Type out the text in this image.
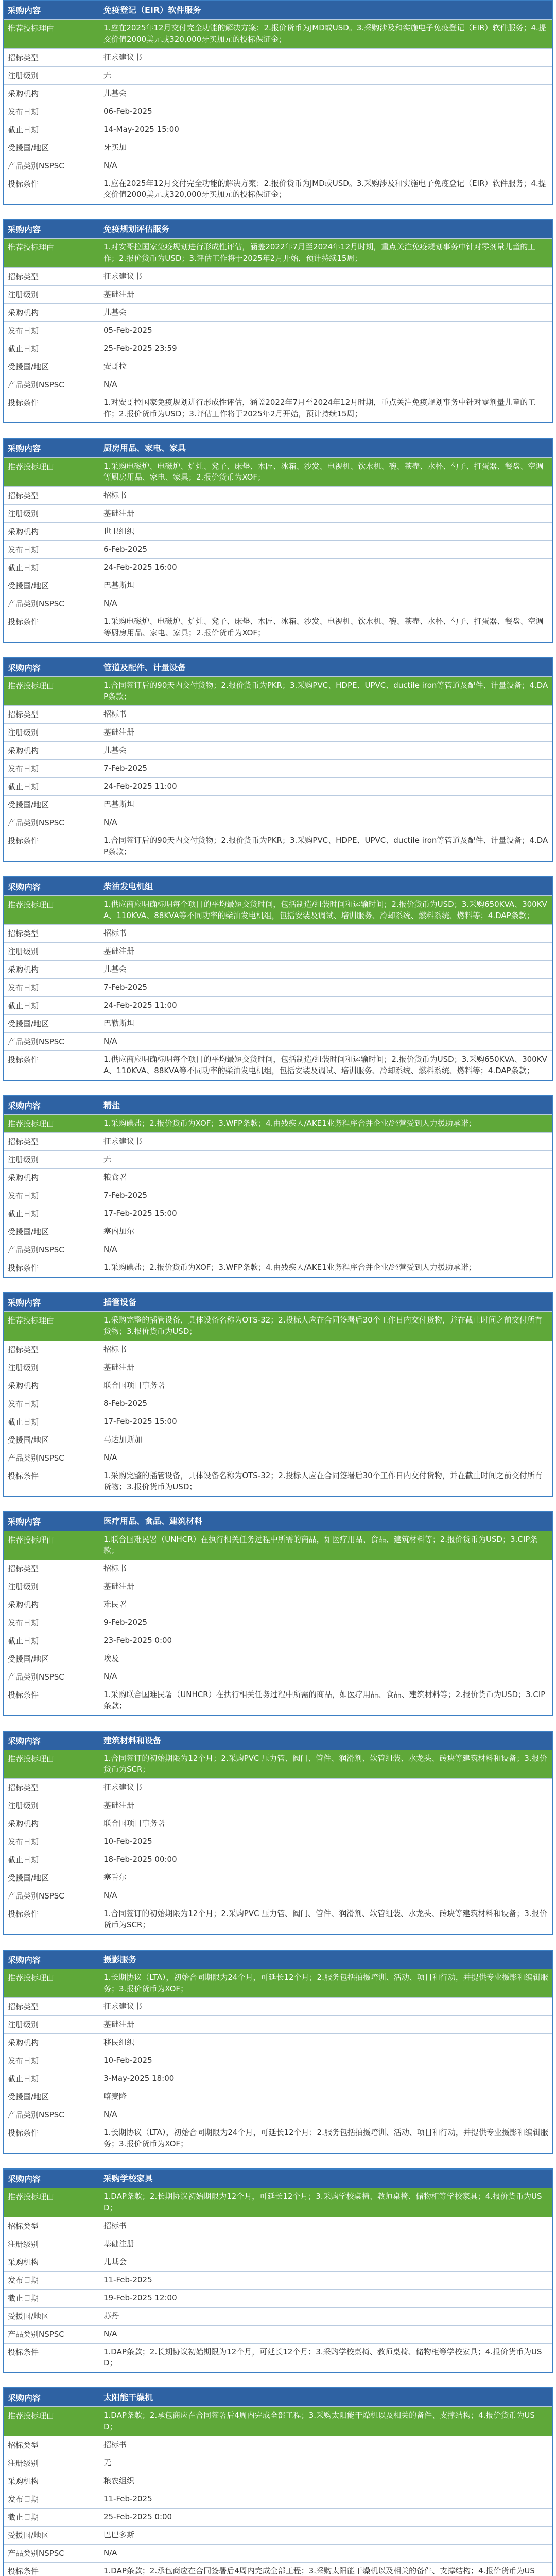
采购内容	免疫登记（EIR）软件服务
推荐投标理由	1.应在2025年12月交付完全功能的解决方案；2.报价货币为JMD或USD。3.采购涉及和实施电子免疫登记（EIR）软件服务；4.提交价值2000美元或320,000牙买加元的投标保证金；
招标类型	征求建议书
注册级别	无
采购机构	儿基会
发布日期	06-Feb-2025
截止日期	14-May-2025 15:00
受援国/地区	牙买加
产品类别NSPSC	N/A
投标条件	1.应在2025年12月交付完全功能的解决方案；2.报价货币为JMD或USD。3.采购涉及和实施电子免疫登记（EIR）软件服务；4.提交价值2000美元或320,000牙买加元的投标保证金；
采购内容	免疫规划评估服务
推荐投标理由	1.对安哥拉国家免疫规划进行形成性评估，涵盖2022年7月至2024年12月时期，重点关注免疫规划事务中针对零剂量儿童的工作；2.报价货币为USD；3.评估工作将于2025年2月开始，预计持续15周；
招标类型	征求建议书
注册级别	基础注册
采购机构	儿基会
发布日期	05-Feb-2025
截止日期	25-Feb-2025 23:59
受援国/地区	安哥拉
产品类别NSPSC	N/A
投标条件	1.对安哥拉国家免疫规划进行形成性评估，涵盖2022年7月至2024年12月时期，重点关注免疫规划事务中针对零剂量儿童的工作；2.报价货币为USD；3.评估工作将于2025年2月开始，预计持续15周；
采购内容	厨房用品、家电、家具
推荐投标理由	1.采购电磁炉、电磁炉、炉灶、凳子、床垫、木匠、冰箱、沙发、电视机、饮水机、碗、茶壶、水杯、勺子、打蛋器、餐盘、空调等厨房用品、家电、家具；2.报价货币为XOF；
招标类型	招标书
注册级别	基础注册
采购机构	世卫组织
发布日期	6-Feb-2025
截止日期	24-Feb-2025 16:00
受援国/地区	巴基斯坦
产品类别NSPSC	N/A
投标条件	1.采购电磁炉、电磁炉、炉灶、凳子、床垫、木匠、冰箱、沙发、电视机、饮水机、碗、茶壶、水杯、勺子、打蛋器、餐盘、空调等厨房用品、家电、家具；2.报价货币为XOF；
采购内容	管道及配件、计量设备
推荐投标理由	1.合同签订后的90天内交付货物；2.报价货币为PKR；3.采购PVC、HDPE、UPVC、ductile iron等管道及配件、计量设备；4.DAP条款；
招标类型	招标书
注册级别	基础注册
采购机构	儿基会
发布日期	7-Feb-2025
截止日期	24-Feb-2025 11:00
受援国/地区	巴基斯坦
产品类别NSPSC	N/A
投标条件	1.合同签订后的90天内交付货物；2.报价货币为PKR；3.采购PVC、HDPE、UPVC、ductile iron等管道及配件、计量设备；4.DAP条款；
采购内容	柴油发电机组
推荐投标理由	1.供应商应明确标明每个项目的平均最短交货时间，包括制造/组装时间和运输时间；2.报价货币为USD；3.采购650KVA、300KVA、110KVA、88KVA等不同功率的柴油发电机组，包括安装及调试、培训服务、冷却系统、燃料系统、燃料等；4.DAP条款；
招标类型	招标书
注册级别	基础注册
采购机构	儿基会
发布日期	7-Feb-2025
截止日期	24-Feb-2025 11:00
受援国/地区	巴勒斯坦
产品类别NSPSC	N/A
投标条件	1.供应商应明确标明每个项目的平均最短交货时间，包括制造/组装时间和运输时间；2.报价货币为USD；3.采购650KVA、300KVA、110KVA、88KVA等不同功率的柴油发电机组，包括安装及调试、培训服务、冷却系统、燃料系统、燃料等；4.DAP条款；
采购内容	精盐
推荐投标理由	1.采购碘盐；2.报价货币为XOF；3.WFP条款；4.由残疾人/AKE1业务程序合并企业/经营受到人力援助承诺；
招标类型	征求建议书
注册级别	无
采购机构	粮食署
发布日期	7-Feb-2025
截止日期	17-Feb-2025 15:00
受援国/地区	塞内加尔
产品类别NSPSC	N/A
投标条件	1.采购碘盐；2.报价货币为XOF；3.WFP条款；4.由残疾人/AKE1业务程序合并企业/经营受到人力援助承诺；
采购内容	插管设备
推荐投标理由	1.采购完整的插管设备，具体设备名称为OTS-32；2.投标人应在合同签署后30个工作日内交付货物，并在截止时间之前交付所有货物；3.报价货币为USD；
招标类型	招标书
注册级别	基础注册
采购机构	联合国项目事务署
发布日期	8-Feb-2025
截止日期	17-Feb-2025 15:00
受援国/地区	马达加斯加
产品类别NSPSC	N/A
投标条件	1.采购完整的插管设备，具体设备名称为OTS-32；2.投标人应在合同签署后30个工作日内交付货物，并在截止时间之前交付所有货物；3.报价货币为USD；
采购内容	医疗用品、食品、建筑材料
推荐投标理由	1.联合国难民署（UNHCR）在执行相关任务过程中所需的商品，如医疗用品、食品、建筑材料等；2.报价货币为USD；3.CIP条款；
招标类型	招标书
注册级别	基础注册
采购机构	难民署
发布日期	9-Feb-2025
截止日期	23-Feb-2025 0:00
受援国/地区	埃及
产品类别NSPSC	N/A
投标条件	1.采购联合国难民署（UNHCR）在执行相关任务过程中所需的商品，如医疗用品、食品、建筑材料等；2.报价货币为USD；3.CIP条款；
采购内容	建筑材料和设备
推荐投标理由	1.合同签订的初始期限为12个月；2.采购PVC 压力管、阀门、管件、润滑剂、软管组装、水龙头、砖块等建筑材料和设备；3.报价货币为SCR；
招标类型	征求建议书
注册级别	基础注册
采购机构	联合国项目事务署
发布日期	10-Feb-2025
截止日期	18-Feb-2025 00:00
受援国/地区	塞舌尔
产品类别NSPSC	N/A
投标条件	1.合同签订的初始期限为12个月；2.采购PVC 压力管、阀门、管件、润滑剂、软管组装、水龙头、砖块等建筑材料和设备；3.报价货币为SCR；
采购内容	摄影服务
推荐投标理由	1.长期协议（LTA），初始合同期限为24个月，可延长12个月；2.服务包括拍摄培训、活动、项目和行动，并提供专业摄影和编辑服务；3.报价货币为XOF；
招标类型	征求建议书
注册级别	基础注册
采购机构	移民组织
发布日期	10-Feb-2025
截止日期	3-May-2025 18:00
受援国/地区	喀麦隆
产品类别NSPSC	N/A
投标条件	1.长期协议（LTA），初始合同期限为24个月，可延长12个月；2.服务包括拍摄培训、活动、项目和行动，并提供专业摄影和编辑服务；3.报价货币为XOF；
采购内容	采购学校家具
推荐投标理由	1.DAP条款；2.长期协议初始期限为12个月，可延长12个月；3.采购学校桌椅、教师桌椅、储物柜等学校家具；4.报价货币为USD；
招标类型	招标书
注册级别	基础注册
采购机构	儿基会
发布日期	11-Feb-2025
截止日期	19-Feb-2025 12:00
受援国/地区	苏丹
产品类别NSPSC	N/A
投标条件	1.DAP条款；2.长期协议初始期限为12个月，可延长12个月；3.采购学校桌椅、教师桌椅、储物柜等学校家具；4.报价货币为USD；
采购内容	太阳能干燥机
推荐投标理由	1.DAP条款；2.承包商应在合同签署后4周内完成全部工程；3.采购太阳能干燥机以及相关的备件、支撑结构；4.报价货币为USD；
招标类型	招标书
注册级别	无
采购机构	粮农组织
发布日期	11-Feb-2025
截止日期	25-Feb-2025 0:00
受援国/地区	巴巴多斯
产品类别NSPSC	N/A
投标条件	1.DAP条款；2.承包商应在合同签署后4周内完成全部工程；3.采购太阳能干燥机以及相关的备件、支撑结构；4.报价货币为US
